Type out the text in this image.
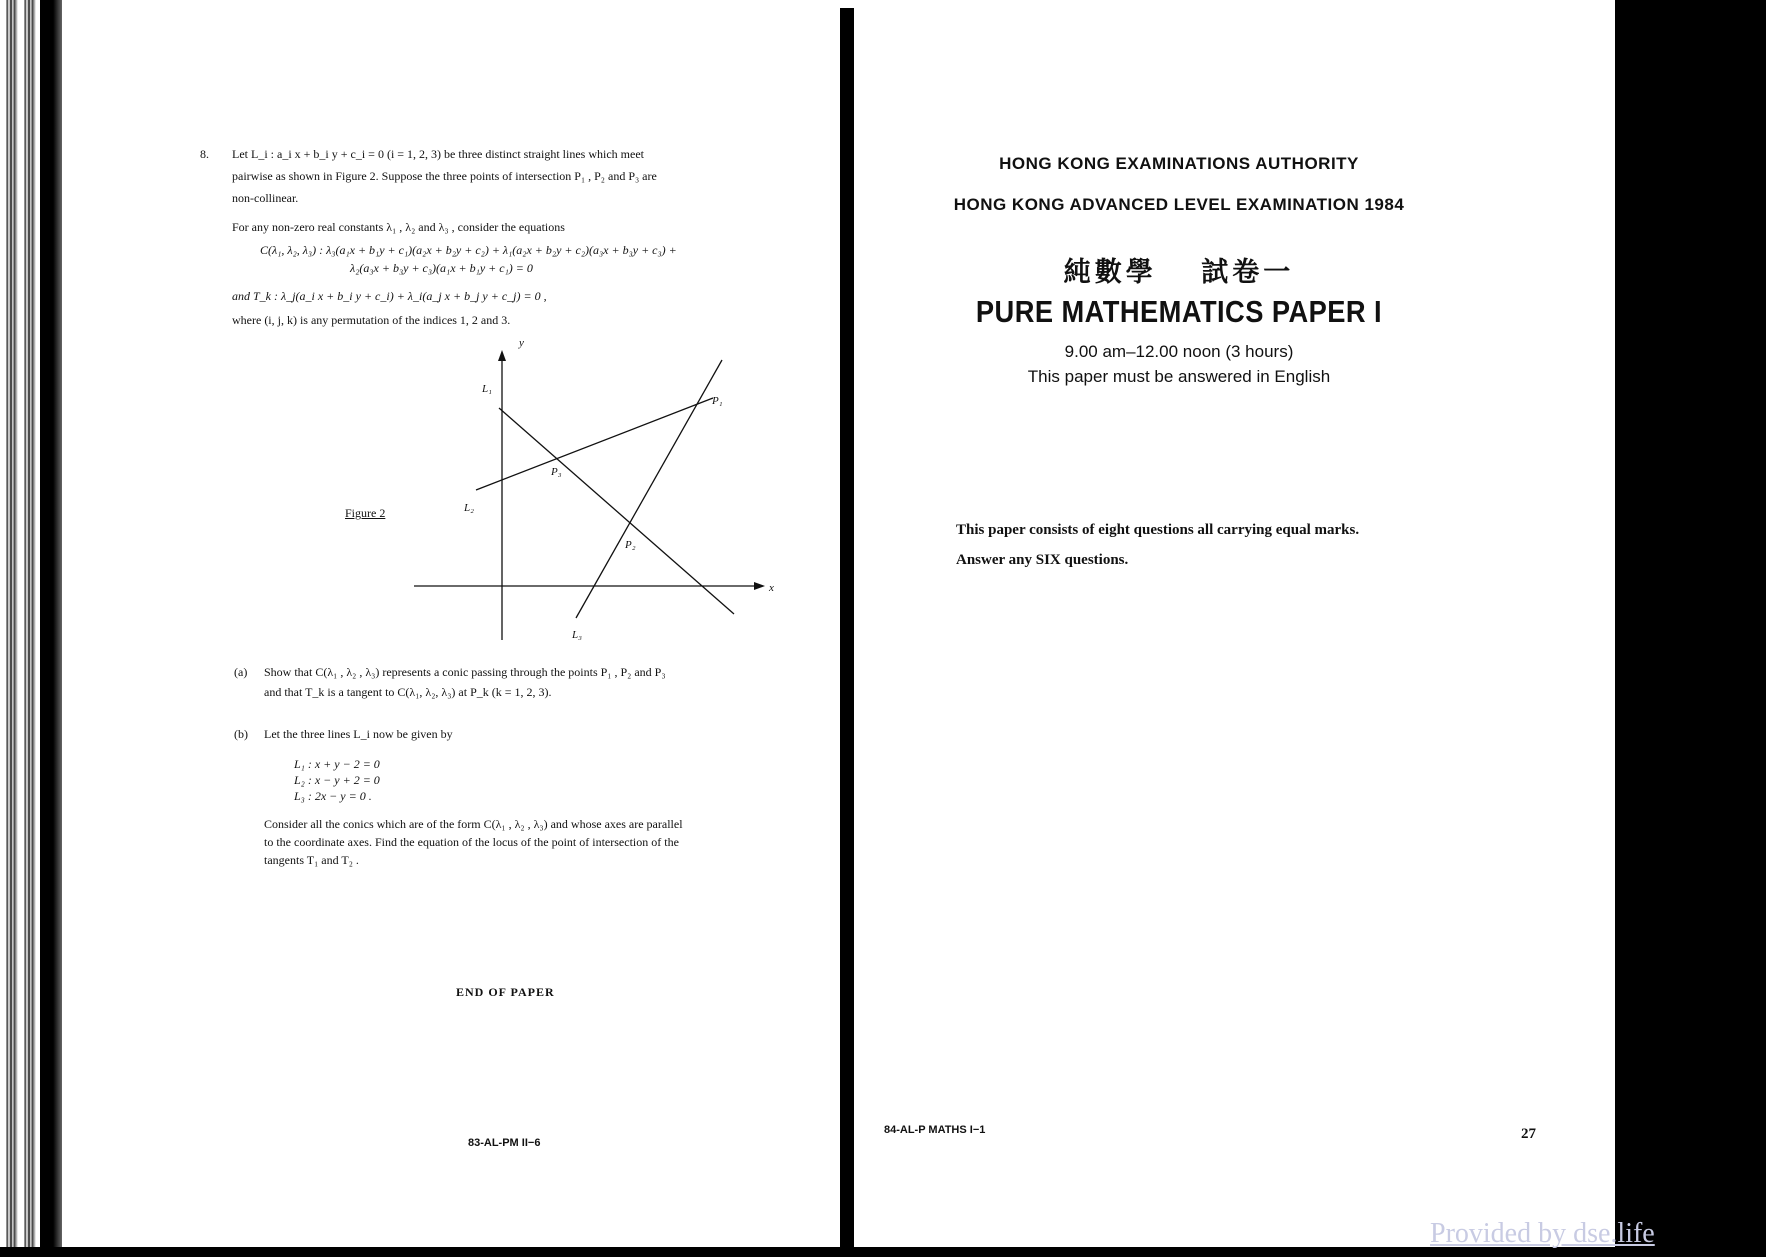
8. Let L_i : a_i x + b_i y + c_i = 0 (i = 1, 2, 3) be three distinct straight lines which meet
pairwise as shown in Figure 2. Suppose the three points of intersection P₁ , P₂ and P₃ are
non-collinear.
For any non-zero real constants λ₁ , λ₂ and λ₃ , consider the equations
C(λ₁, λ₂, λ₃) : λ₃(a₁x + b₁y + c₁)(a₂x + b₂y + c₂) + λ₁(a₂x + b₂y + c₂)(a₃x + b₃y + c₃) +
λ₂(a₃x + b₃y + c₃)(a₁x + b₁y + c₁) = 0
and T_k : λ_j(a_i x + b_i y + c_i) + λ_i(a_j x + b_j y + c_j) = 0 ,
where (i, j, k) is any permutation of the indices 1, 2 and 3.
Figure 2
y
x
L₁
L₂
L₃
P₁
P₂
P₃
(a) Show that C(λ₁ , λ₂ , λ₃) represents a conic passing through the points P₁ , P₂ and P₃
and that T_k is a tangent to C(λ₁, λ₂, λ₃) at P_k (k = 1, 2, 3).
(b) Let the three lines L_i now be given by
L₁ : x + y − 2 = 0
L₂ : x − y + 2 = 0
L₃ : 2x − y = 0 .
Consider all the conics which are of the form C(λ₁ , λ₂ , λ₃) and whose axes are parallel
to the coordinate axes. Find the equation of the locus of the point of intersection of the
tangents T₁ and T₂ .
END OF PAPER
83-AL-PM II−6
HONG KONG EXAMINATIONS AUTHORITY
HONG KONG ADVANCED LEVEL EXAMINATION 1984
純數學　 試卷一
PURE MATHEMATICS PAPER I
9.00 am–12.00 noon (3 hours)
This paper must be answered in English
This paper consists of eight questions all carrying equal marks.
Answer any SIX questions.
84-AL-P MATHS I−1	27
Provided by dse.life
